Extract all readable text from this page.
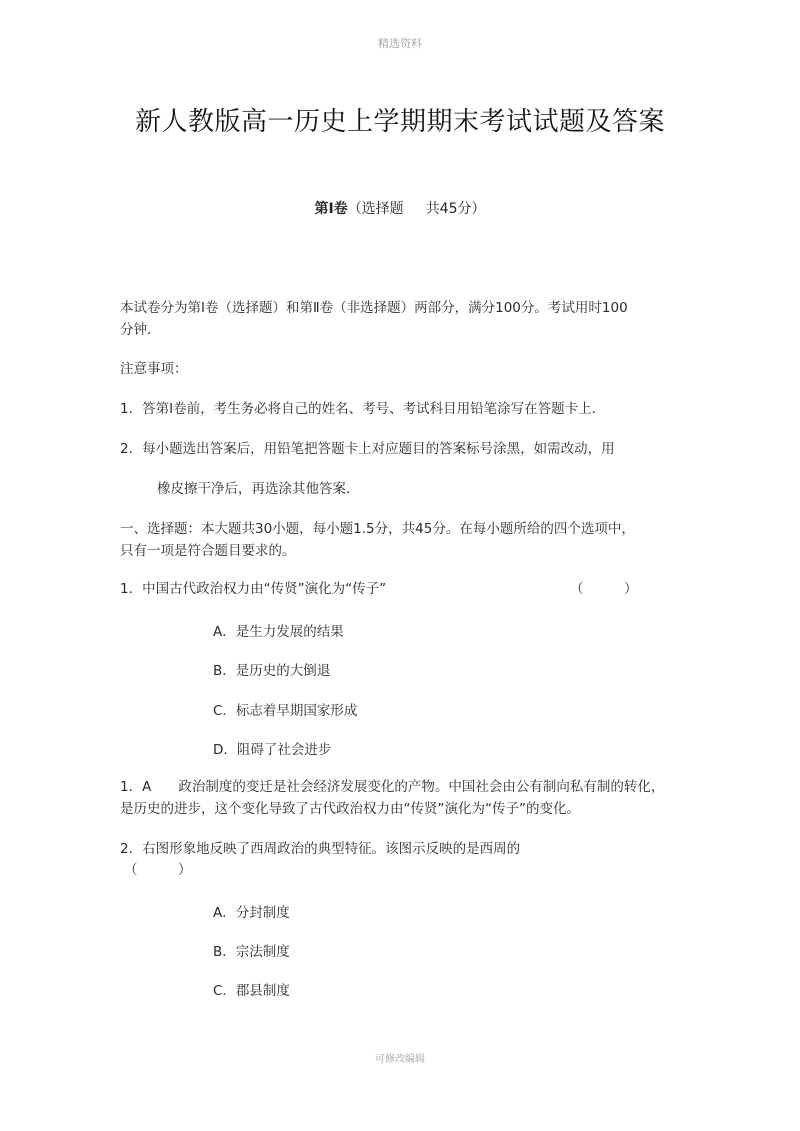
精选资料
新人教版高一历史上学期期末考试试题及答案
第Ⅰ卷（选择题 共45分）
本试卷分为第Ⅰ卷（选择题）和第Ⅱ卷（非选择题）两部分，满分100分。考试用时100
分钟．
注意事项：
1．答第Ⅰ卷前，考生务必将自己的姓名、考号、考试科目用铅笔涂写在答题卡上．
2．每小题选出答案后，用铅笔把答题卡上对应题目的答案标号涂黑，如需改动，用
橡皮擦干净后，再选涂其他答案．
一、选择题：本大题共30小题，每小题1.5分，共45分。在每小题所给的四个选项中，
只有一项是符合题目要求的。
1．中国古代政治权力由“传贤”演化为“传子”	（　　　）
A．是生力发展的结果
B．是历史的大倒退
C．标志着早期国家形成
D．阻碍了社会进步
1．A　　政治制度的变迁是社会经济发展变化的产物。中国社会由公有制向私有制的转化，
是历史的进步，这个变化导致了古代政治权力由“传贤”演化为“传子”的变化。
2．右图形象地反映了西周政治的典型特征。该图示反映的是西周的
（　　　）
A．分封制度
B．宗法制度
C．郡县制度
可修改编辑
